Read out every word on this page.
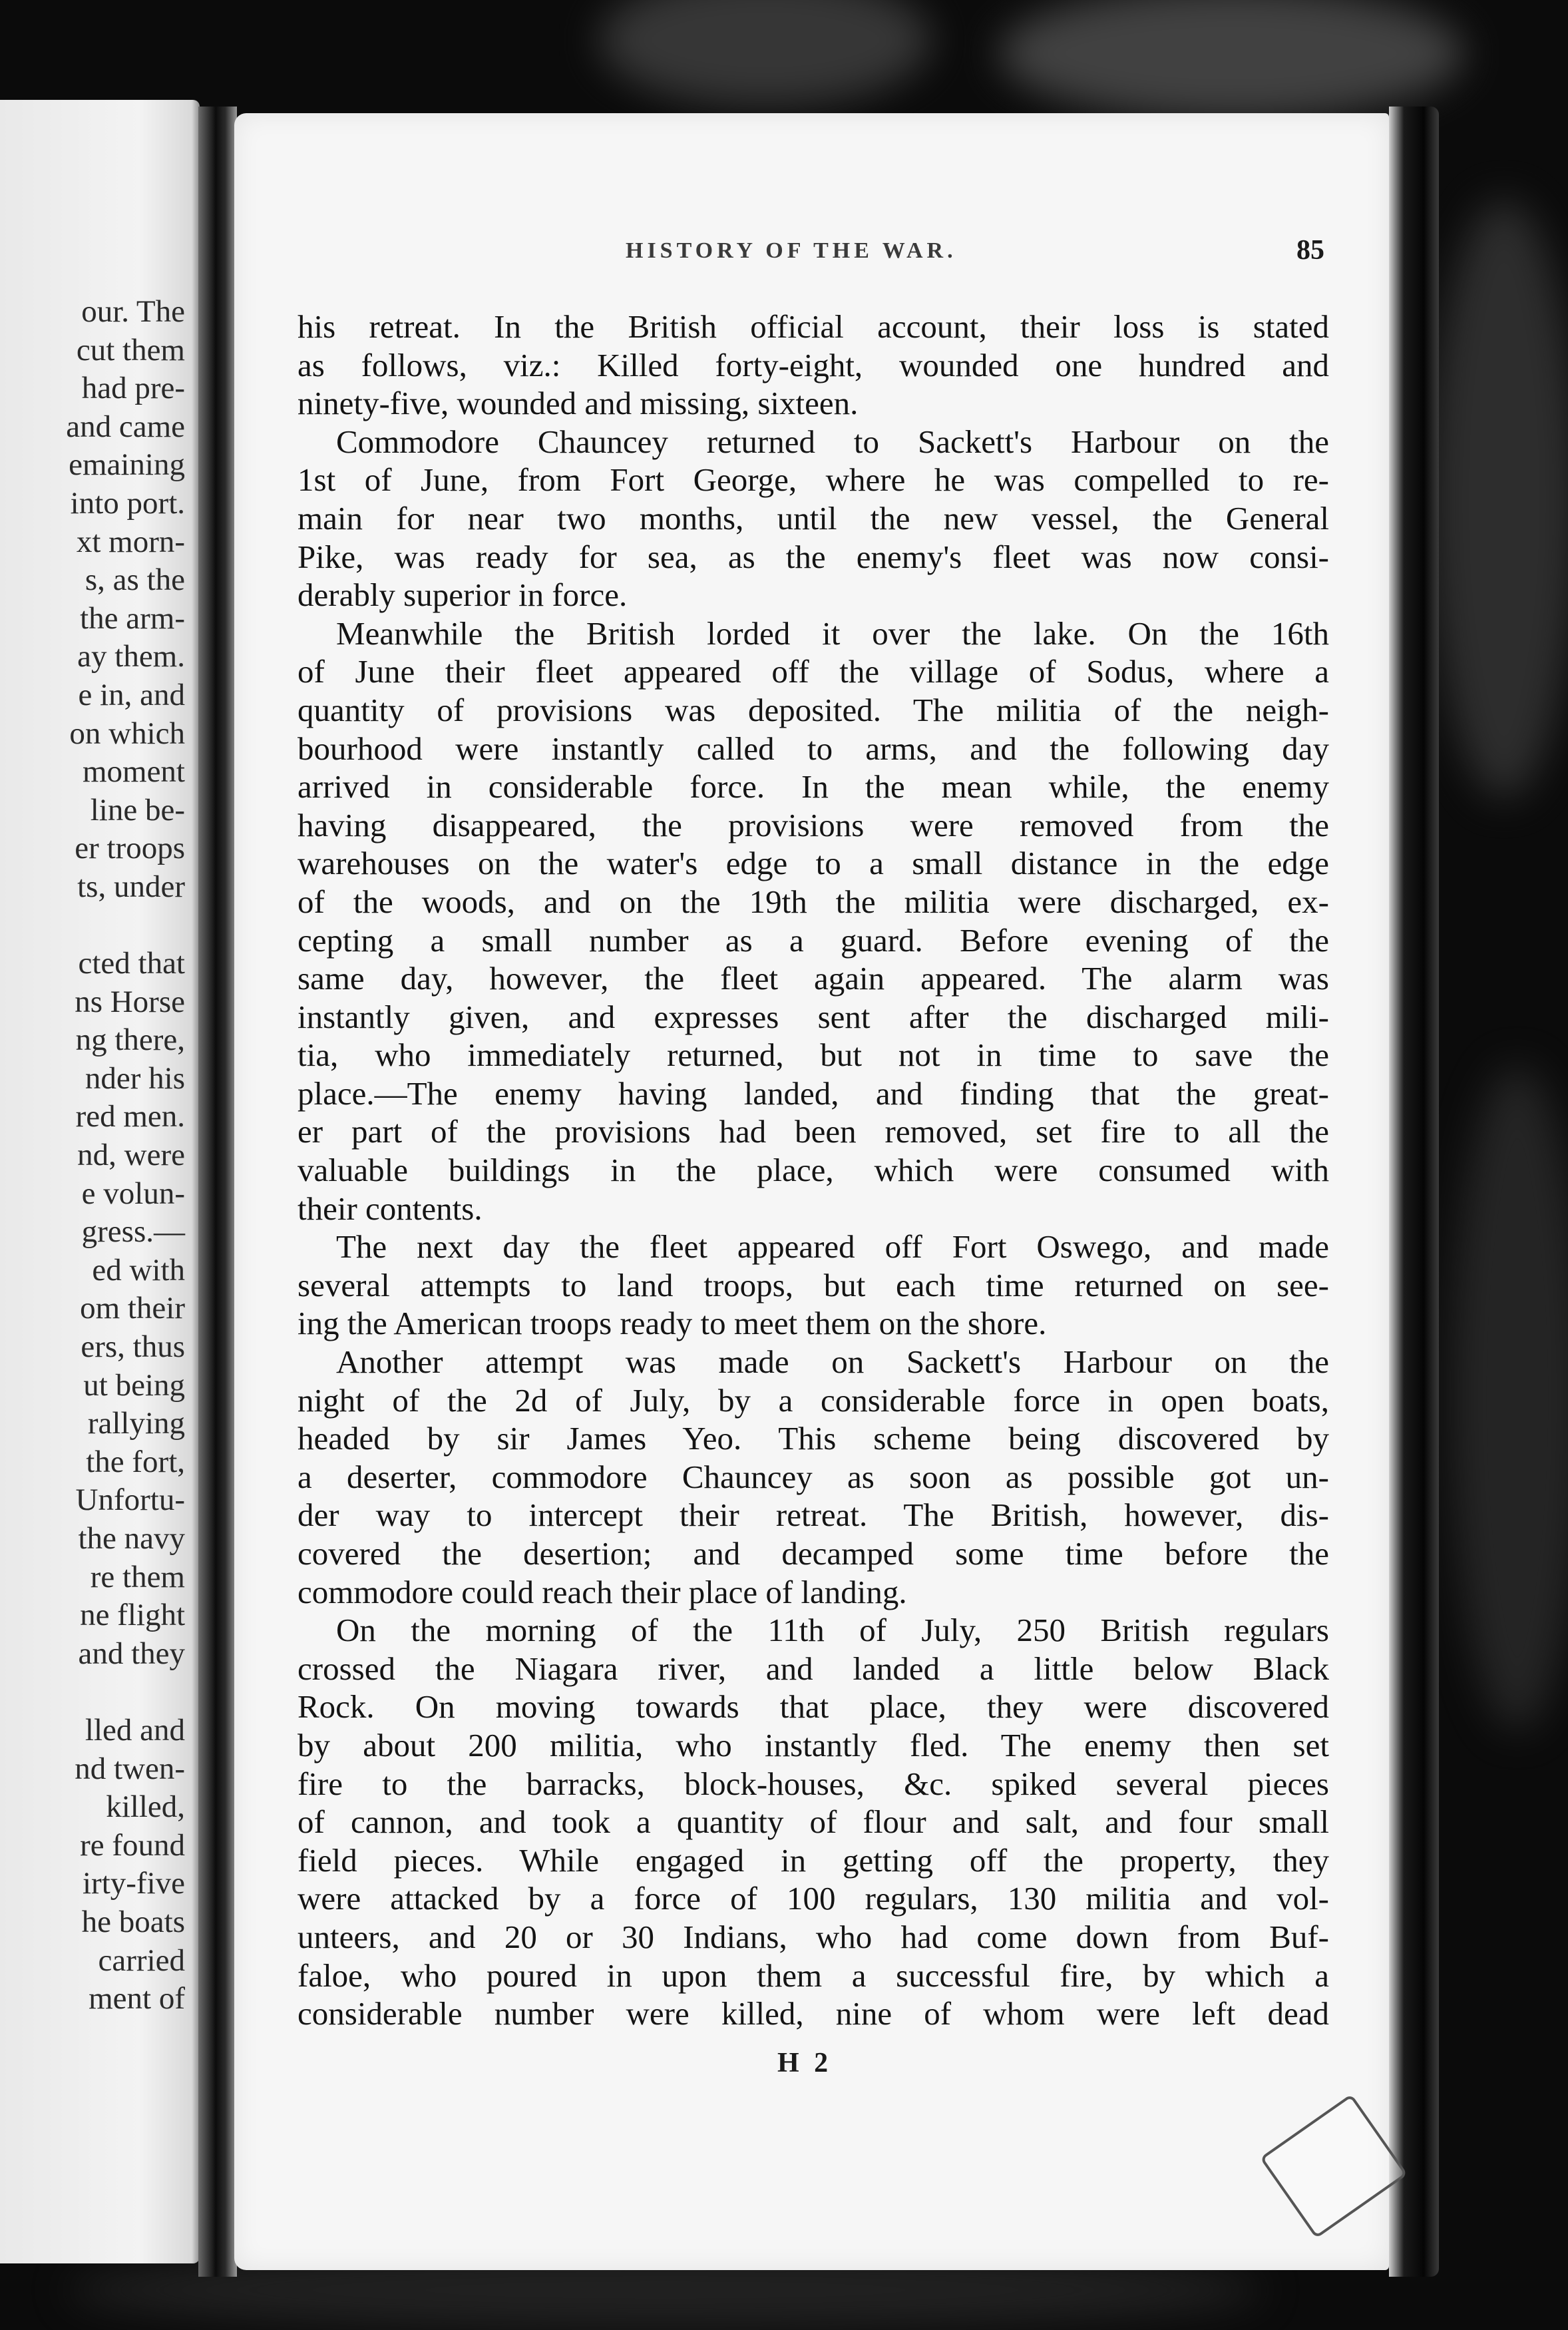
our. The
cut them
had pre-
and came
emaining
into port.
xt morn-
s, as the
the arm-
ay them.
e in, and
on which
moment
line be-
er troops
ts, under
cted that
ns Horse
ng there,
nder his
red men.
nd, were
e volun-
gress.—
ed with
om their
ers, thus
ut being
rallying
the fort,
Unfortu-
the navy
re them
ne flight
and they
lled and
nd twen-
killed,
re found
irty-five
he boats
carried
ment of
HISTORY OF THE WAR.	85
his retreat. In the British official account, their loss is stated
as follows, viz.: Killed forty-eight, wounded one hundred and
ninety-five, wounded and missing, sixteen.
Commodore Chauncey returned to Sackett's Harbour on the
1st of June, from Fort George, where he was compelled to re-
main for near two months, until the new vessel, the General
Pike, was ready for sea, as the enemy's fleet was now consi-
derably superior in force.
Meanwhile the British lorded it over the lake. On the 16th
of June their fleet appeared off the village of Sodus, where a
quantity of provisions was deposited. The militia of the neigh-
bourhood were instantly called to arms, and the following day
arrived in considerable force. In the mean while, the enemy
having disappeared, the provisions were removed from the
warehouses on the water's edge to a small distance in the edge
of the woods, and on the 19th the militia were discharged, ex-
cepting a small number as a guard. Before evening of the
same day, however, the fleet again appeared. The alarm was
instantly given, and expresses sent after the discharged mili-
tia, who immediately returned, but not in time to save the
place.—The enemy having landed, and finding that the great-
er part of the provisions had been removed, set fire to all the
valuable buildings in the place, which were consumed with
their contents.
The next day the fleet appeared off Fort Oswego, and made
several attempts to land troops, but each time returned on see-
ing the American troops ready to meet them on the shore.
Another attempt was made on Sackett's Harbour on the
night of the 2d of July, by a considerable force in open boats,
headed by sir James Yeo. This scheme being discovered by
a deserter, commodore Chauncey as soon as possible got un-
der way to intercept their retreat. The British, however, dis-
covered the desertion; and decamped some time before the
commodore could reach their place of landing.
On the morning of the 11th of July, 250 British regulars
crossed the Niagara river, and landed a little below Black
Rock. On moving towards that place, they were discovered
by about 200 militia, who instantly fled. The enemy then set
fire to the barracks, block-houses, &c. spiked several pieces
of cannon, and took a quantity of flour and salt, and four small
field pieces. While engaged in getting off the property, they
were attacked by a force of 100 regulars, 130 militia and vol-
unteers, and 20 or 30 Indians, who had come down from Buf-
faloe, who poured in upon them a successful fire, by which a
considerable number were killed, nine of whom were left dead
H 2
